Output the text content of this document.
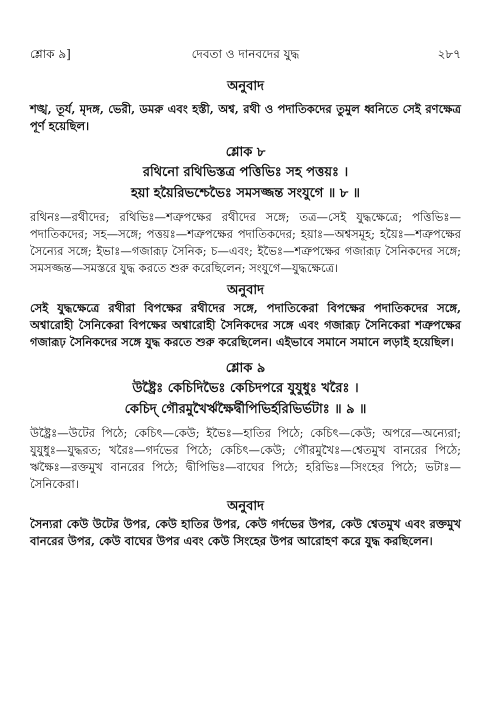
শ্লোক ৯]	দেবতা ও দানবদের যুদ্ধ	২৮৭
অনুবাদ

শঙ্খ, তূর্য, মৃদঙ্গ, ভেরী, ডমরু এবং হস্তী, অশ্ব, রথী ও পদাতিকদের তুমুল ধ্বনিতে সেই রণক্ষেত্র পূর্ণ হয়েছিল।

শ্লোক ৮
রথিনো রথিভিস্তত্র পত্তিভিঃ সহ পত্তয়ঃ ।
হয়া হয়ৈরিভশ্চেভৈঃ সমসজ্জন্ত সংযুগে ॥ ৮ ॥

রথিনঃ—রথীদের; রথিভিঃ—শত্রুপক্ষের রথীদের সঙ্গে; তত্র—সেই যুদ্ধক্ষেত্রে; পত্তিভিঃ—পদাতিকদের; সহ—সঙ্গে; পত্তয়ঃ—শত্রুপক্ষের পদাতিকদের; হয়াঃ—অশ্বসমূহ; হয়ৈঃ—শত্রুপক্ষের সৈন্যের সঙ্গে; ইভাঃ—গজারূঢ় সৈনিক; চ—এবং; ইভৈঃ—শত্রুপক্ষের গজারূঢ় সৈনিকদের সঙ্গে; সমসজ্জন্ত—সমস্তরে যুদ্ধ করতে শুরু করেছিলেন; সংযুগে—যুদ্ধক্ষেত্রে।

অনুবাদ

সেই যুদ্ধক্ষেত্রে রথীরা বিপক্ষের রথীদের সঙ্গে, পদাতিকেরা বিপক্ষের পদাতিকদের সঙ্গে, অশ্বারোহী সৈনিকেরা বিপক্ষের অশ্বারোহী সৈনিকদের সঙ্গে এবং গজারূঢ় সৈনিকেরা শত্রুপক্ষের গজারূঢ় সৈনিকদের সঙ্গে যুদ্ধ করতে শুরু করেছিলেন। এইভাবে সমানে সমানে লড়াই হয়েছিল।

শ্লোক ৯
উষ্ট্রৈঃ কেচিদিভৈঃ কেচিদপরে যুযুধুঃ খরৈঃ ।
কেচিদ্ গৌরমুখৈর্ঋক্ষৈর্দ্বীপিভির্হরিভির্ভটাঃ ॥ ৯ ॥

উষ্ট্রৈঃ—উটের পিঠে; কেচিৎ—কেউ; ইভৈঃ—হাতির পিঠে; কেচিৎ—কেউ; অপরে—অন্যেরা; যুযুধুঃ—যুদ্ধরত; খরৈঃ—গর্দভের পিঠে; কেচিৎ—কেউ; গৌরমুখৈঃ—শ্বেতমুখ বানরের পিঠে; ঋক্ষৈঃ—রক্তমুখ বানরের পিঠে; দ্বীপিভিঃ—বাঘের পিঠে; হরিভিঃ—সিংহের পিঠে; ভটাঃ—সৈনিকেরা।

অনুবাদ

সৈন্যরা কেউ উটের উপর, কেউ হাতির উপর, কেউ গর্দভের উপর, কেউ শ্বেতমুখ এবং রক্তমুখ বানরের উপর, কেউ বাঘের উপর এবং কেউ সিংহের উপর আরোহণ করে যুদ্ধ করছিলেন।
